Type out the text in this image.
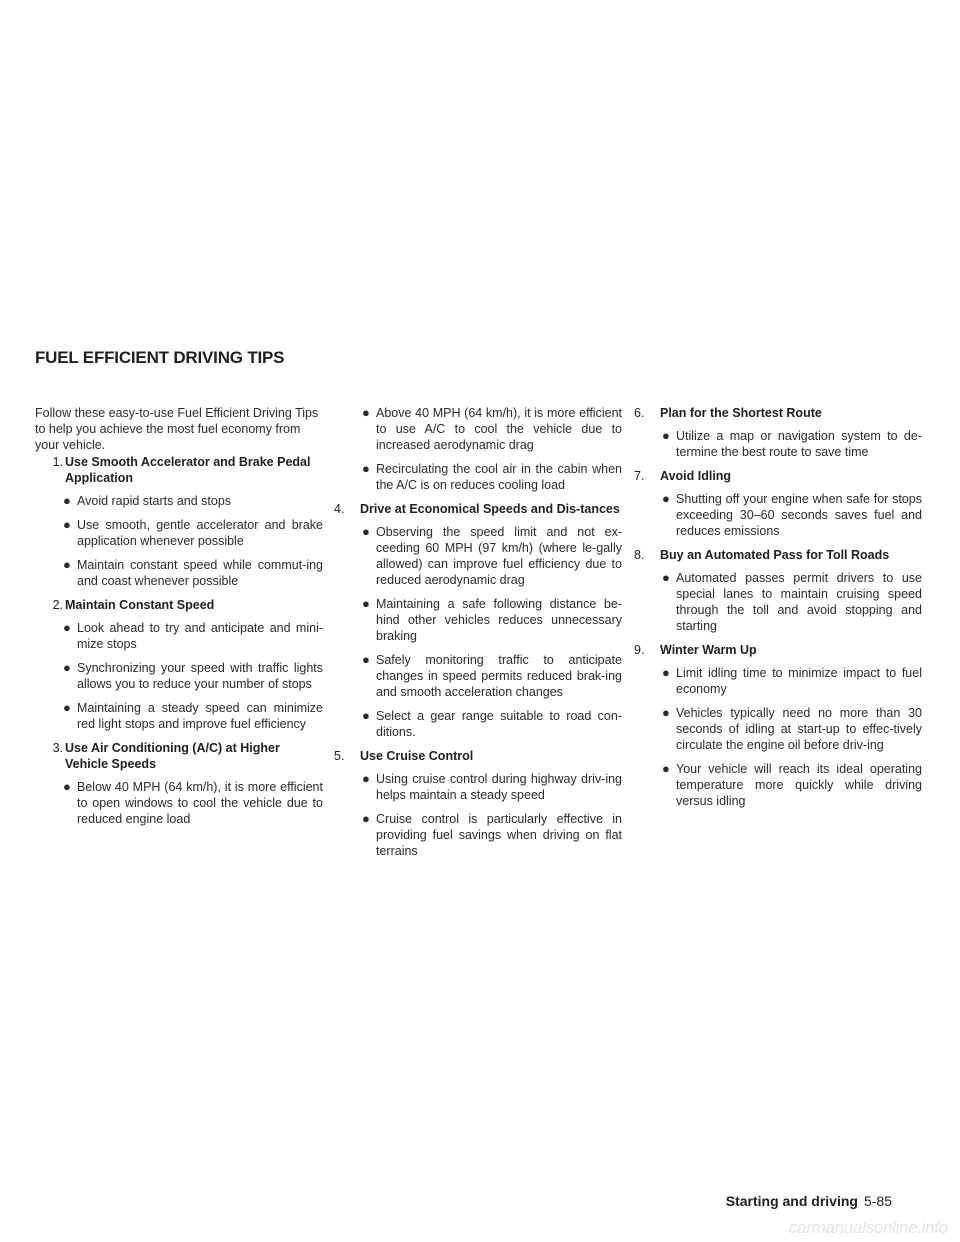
FUEL EFFICIENT DRIVING TIPS

Follow these easy-to-use Fuel Efficient Driving Tips to help you achieve the most fuel economy from your vehicle.

1. Use Smooth Accelerator and Brake Pedal Application
● Avoid rapid starts and stops
● Use smooth, gentle accelerator and brake application whenever possible
● Maintain constant speed while commut-ing and coast whenever possible
2. Maintain Constant Speed
● Look ahead to try and anticipate and mini-mize stops
● Synchronizing your speed with traffic lights allows you to reduce your number of stops
● Maintaining a steady speed can minimize red light stops and improve fuel efficiency
3. Use Air Conditioning (A/C) at Higher Vehicle Speeds
● Below 40 MPH (64 km/h), it is more efficient to open windows to cool the vehicle due to reduced engine load
● Above 40 MPH (64 km/h), it is more efficient to use A/C to cool the vehicle due to increased aerodynamic drag
● Recirculating the cool air in the cabin when the A/C is on reduces cooling load
4.	Drive at Economical Speeds and Dis-tances
● Observing the speed limit and not ex-ceeding 60 MPH (97 km/h) (where le-gally allowed) can improve fuel efficiency due to reduced aerodynamic drag
● Maintaining a safe following distance be-hind other vehicles reduces unnecessary braking
● Safely monitoring traffic to anticipate changes in speed permits reduced brak-ing and smooth acceleration changes
● Select a gear range suitable to road con-ditions.
5.	Use Cruise Control
● Using cruise control during highway driv-ing helps maintain a steady speed
● Cruise control is particularly effective in providing fuel savings when driving on flat terrains
6.	Plan for the Shortest Route
● Utilize a map or navigation system to de-termine the best route to save time
7.	Avoid Idling
● Shutting off your engine when safe for stops exceeding 30–60 seconds saves fuel and reduces emissions
8.	Buy an Automated Pass for Toll Roads
● Automated passes permit drivers to use special lanes to maintain cruising speed through the toll and avoid stopping and starting
9.	Winter Warm Up
● Limit idling time to minimize impact to fuel economy
● Vehicles typically need no more than 30 seconds of idling at start-up to effec-tively circulate the engine oil before driv-ing
● Your vehicle will reach its ideal operating temperature more quickly while driving versus idling
Starting and driving 5-85
carmanualsonline.info
